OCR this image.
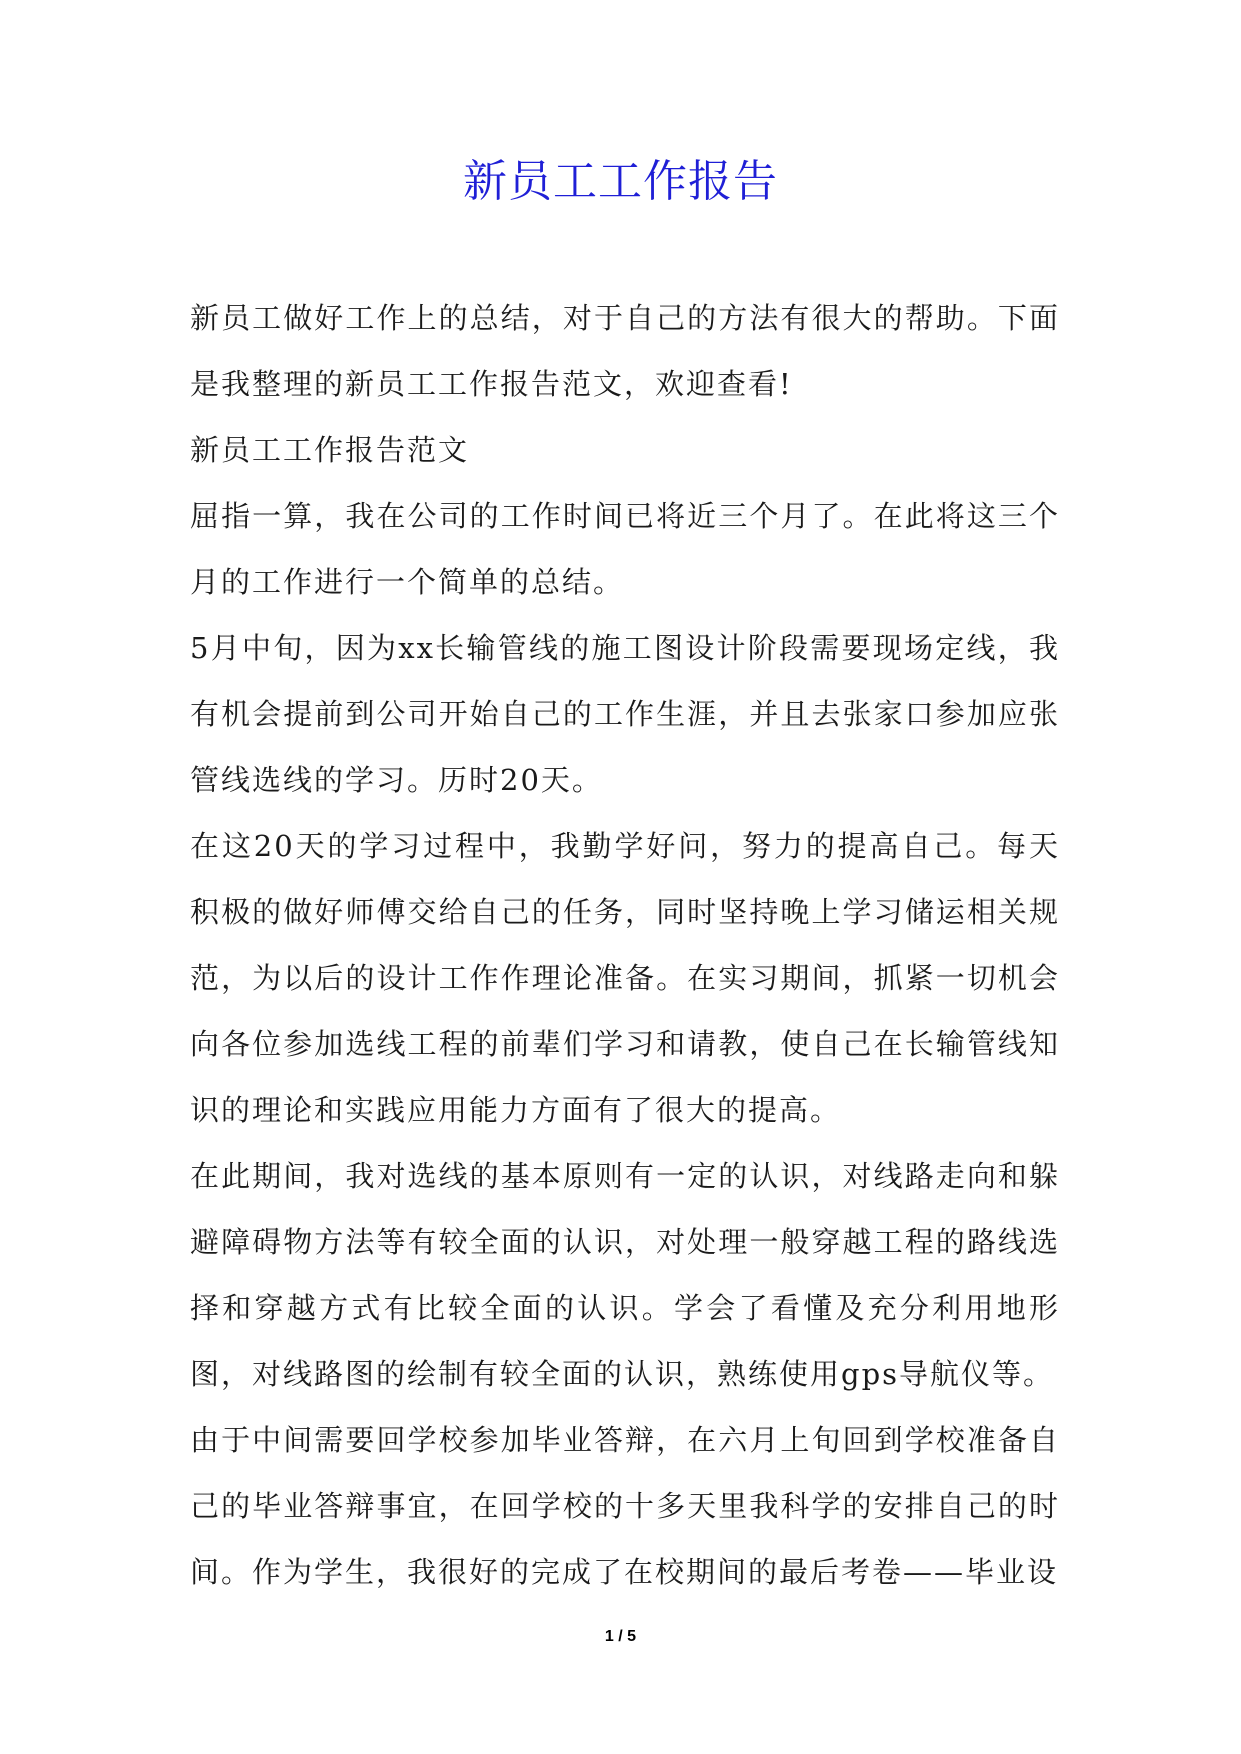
新员工工作报告

新员工做好工作上的总结，对于自己的方法有很大的帮助。下面是我整理的新员工工作报告范文，欢迎查看!

新员工工作报告范文

屈指一算，我在公司的工作时间已将近三个月了。在此将这三个月的工作进行一个简单的总结。

5月中旬，因为xx长输管线的施工图设计阶段需要现场定线，我有机会提前到公司开始自己的工作生涯，并且去张家口参加应张管线选线的学习。历时20天。

在这20天的学习过程中，我勤学好问，努力的提高自己。每天积极的做好师傅交给自己的任务，同时坚持晚上学习储运相关规范，为以后的设计工作作理论准备。在实习期间，抓紧一切机会向各位参加选线工程的前辈们学习和请教，使自己在长输管线知识的理论和实践应用能力方面有了很大的提高。

在此期间，我对选线的基本原则有一定的认识，对线路走向和躲避障碍物方法等有较全面的认识，对处理一般穿越工程的路线选择和穿越方式有比较全面的认识。学会了看懂及充分利用地形图，对线路图的绘制有较全面的认识，熟练使用gps导航仪等。

由于中间需要回学校参加毕业答辩，在六月上旬回到学校准备自己的毕业答辩事宜，在回学校的十多天里我科学的安排自己的时间。作为学生，我很好的完成了在校期间的最后考卷——毕业设

1 / 5
